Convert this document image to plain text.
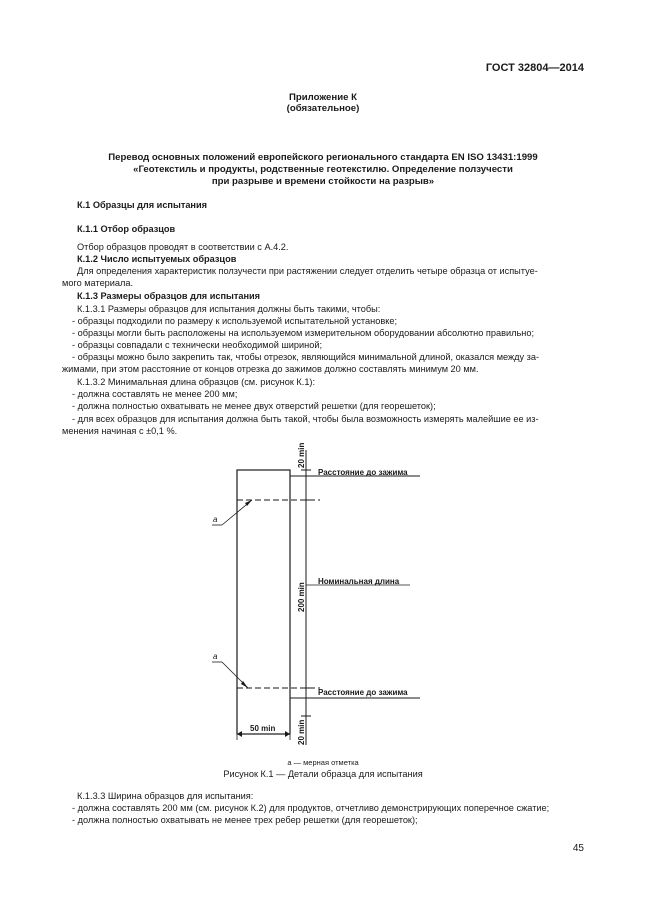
ГОСТ 32804—2014
Приложение К
(обязательное)
Перевод основных положений европейского регионального стандарта EN ISO 13431:1999
«Геотекстиль и продукты, родственные геотекстилю. Определение ползучести
при разрыве и времени стойкости на разрыв»
К.1 Образцы для испытания
К.1.1 Отбор образцов
Отбор образцов проводят в соответствии с А.4.2.
К.1.2 Число испытуемых образцов
Для определения характеристик ползучести при растяжении следует отделить четыре образца от испытуе-
мого материала.
К.1.3 Размеры образцов для испытания
К.1.3.1 Размеры образцов для испытания должны быть такими, чтобы:
- образцы подходили по размеру к используемой испытательной установке;
- образцы могли быть расположены на используемом измерительном оборудовании абсолютно правильно;
- образцы совпадали с технически необходимой шириной;
- образцы можно было закрепить так, чтобы отрезок, являющийся минимальной длиной, оказался между за-
жимами, при этом расстояние от концов отрезка до зажимов должно составлять минимум 20 мм.
К.1.3.2 Минимальная длина образцов (см. рисунок К.1):
- должна составлять не менее 200 мм;
- должна полностью охватывать не менее двух отверстий решетки (для георешеток);
- для всех образцов для испытания должна быть такой, чтобы была возможность измерять малейшие ее из-
менения начиная с ±0,1 %.
Расстояние до зажима
Номинальная длина
Расстояние до зажима
a
a
50 min
20 min
200 min
20 min
a — мерная отметка
Рисунок К.1 — Детали образца для испытания
К.1.3.3 Ширина образцов для испытания:
- должна составлять 200 мм (см. рисунок К.2) для продуктов, отчетливо демонстрирующих поперечное сжатие;
- должна полностью охватывать не менее трех ребер решетки (для георешеток);
45
